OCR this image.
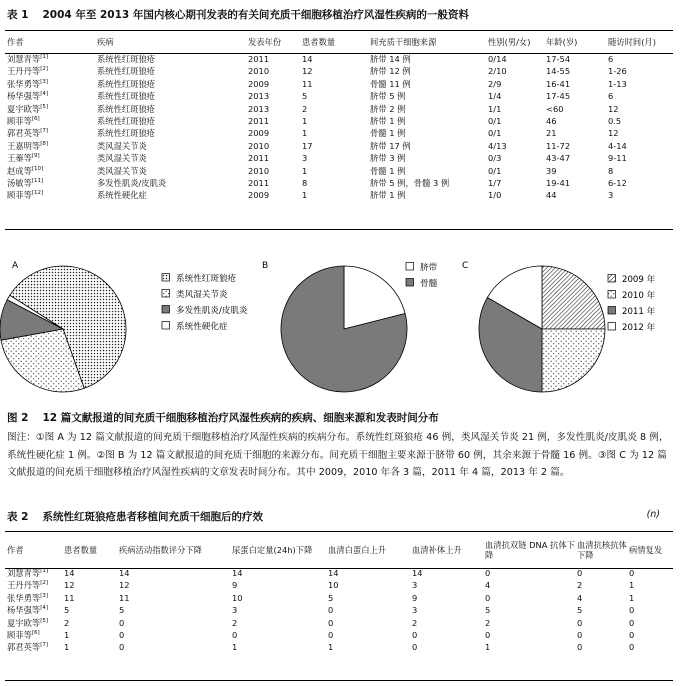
表 1 2004 年至 2013 年国内核心期刊发表的有关间充质干细胞移植治疗风湿性疾病的一般资料
作者	疾病	发表年份	患者数量	间充质干细胞来源	性别(男/女)	年龄(岁)	随访时间(月)
刘慧青等[1]	系统性红斑狼疮	2011	14	脐带 14 例	0/14	17-54	6
王丹丹等[2]	系统性红斑狼疮	2010	12	脐带 12 例	2/10	14-55	1-26
张华勇等[3]	系统性红斑狼疮	2009	11	骨髓 11 例	2/9	16-41	1-13
杨华强等[4]	系统性红斑狼疮	2013	5	脐带 5 例	1/4	17-45	6
夏宇欧等[5]	系统性红斑狼疮	2013	2	脐带 2 例	1/1	<60	12
顾菲等[6]	系统性红斑狼疮	2011	1	脐带 1 例	0/1	46	0.5
郭君英等[7]	系统性红斑狼疮	2009	1	骨髓 1 例	0/1	21	12
王嘉明等[8]	类风湿关节炎	2010	17	脐带 17 例	4/13	11-72	4-14
王蓁等[9]	类风湿关节炎	2011	3	脐带 3 例	0/3	43-47	9-11
赵成等[10]	类风湿关节炎	2010	1	骨髓 1 例	0/1	39	8
汤敏等[11]	多发性肌炎/皮肌炎	2011	8	脐带 5 例，骨髓 3 例	1/7	19-41	6-12
顾菲等[12]	系统性硬化症	2009	1	脐带 1 例	1/0	44	3
A
系统性红斑狼疮
类风湿关节炎
多发性肌炎/皮肌炎
系统性硬化症
B	脐带
骨髓
C
2009 年
2010 年
2011 年
2012 年
图 2 12 篇文献报道的间充质干细胞移植治疗风湿性疾病的疾病、细胞来源和发表时间分布
图注：①图 A 为 12 篇文献报道的间充质干细胞移植治疗风湿性疾病的疾病分布。系统性红斑狼疮 46 例，类风湿关节炎 21 例，多发性肌炎/皮肌炎 8 例，系统性硬化症 1 例。②图 B 为 12 篇文献报道的间充质干细胞的来源分布。间充质干细胞主要来源于脐带 60 例，其余来源于骨髓 16 例。③图 C 为 12 篇文献报道的间充质干细胞移植治疗风湿性疾病的文章发表时间分布。其中 2009，2010 年各 3 篇，2011 年 4 篇，2013 年 2 篇。
表 2 系统性红斑狼疮患者移植间充质干细胞后的疗效	(n)
作者	患者数量	疾病活动指数评分下降	尿蛋白定量(24h)下降	血清白蛋白上升	血清补体上升	血清抗双链 DNA 抗体下降	血清抗核抗体下降	病情复发
刘慧青等[1]	14	14	14	14	14	0	0	0
王丹丹等[2]	12	12	9	10	3	4	2	1
张华勇等[3]	11	11	10	5	9	0	4	1
杨华强等[4]	5	5	3	0	3	5	5	0
夏宇欧等[5]	2	0	2	0	2	2	0	0
顾菲等[6]	1	0	0	0	0	0	0	0
郭君英等[7]	1	0	1	1	0	1	0	0
